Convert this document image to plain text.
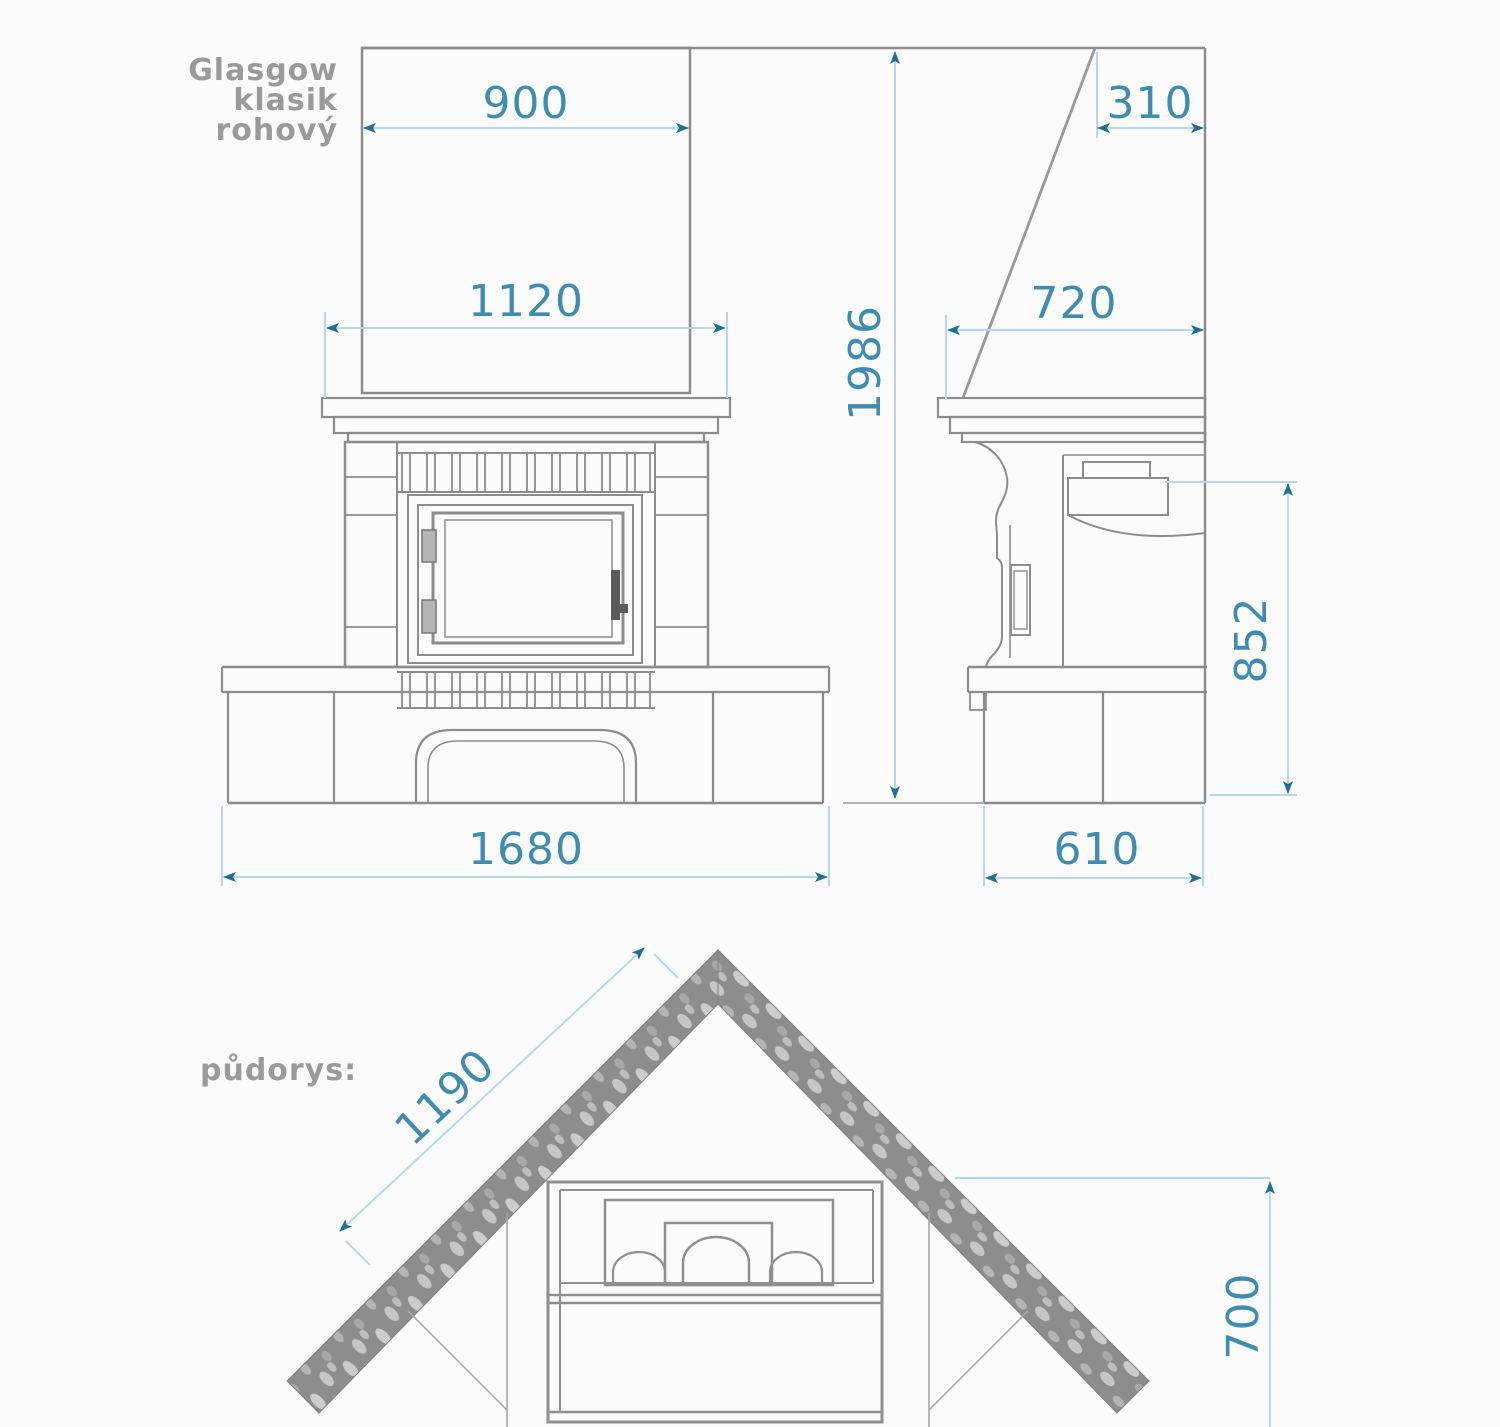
Glasgow
klasik
rohový
půdorys:
900
1120
1680
1986
310
720
852
610
1190
700
